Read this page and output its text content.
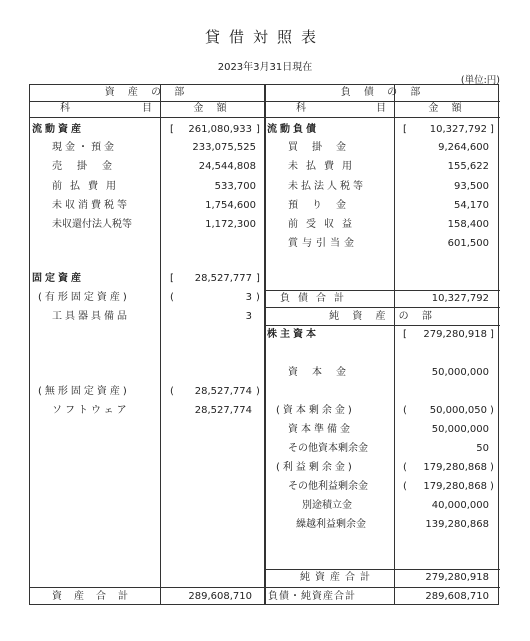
貸借対照表
2023年3月31日現在
(単位:円)
資 産 の 部	負 債 の 部
科	目	金 額	科	目	金 額
流動資産	[	261,080,933 ]
現金・預金	233,075,525
売掛金	24,544,808
前払費用	533,700
未収消費税等	1,754,600
未収還付法人税等	1,172,300
固定資産	[	28,527,777 ]
(有形固定資産)	(	3 )
工具器具備品	3
(無形固定資産)	(	28,527,774 )
ソフトウェア	28,527,774
資産合計	289,608,710
流動負債	[	10,327,792 ]
買掛金	9,264,600
未払費用	155,622
未払法人税等	93,500
預り金	54,170
前受収益	158,400
賞与引当金	601,500
負債合計	10,327,792
純 資 産 の 部
株主資本	[	279,280,918 ]
資本金	50,000,000
(資本剰余金)	(	50,000,050 )
資本準備金	50,000,000
その他資本剰余金	50
(利益剰余金)	(	179,280,868 )
その他利益剰余金	(	179,280,868 )
別途積立金	40,000,000
繰越利益剰余金	139,280,868
純資産合計	279,280,918
負債・純資産合計	289,608,710
